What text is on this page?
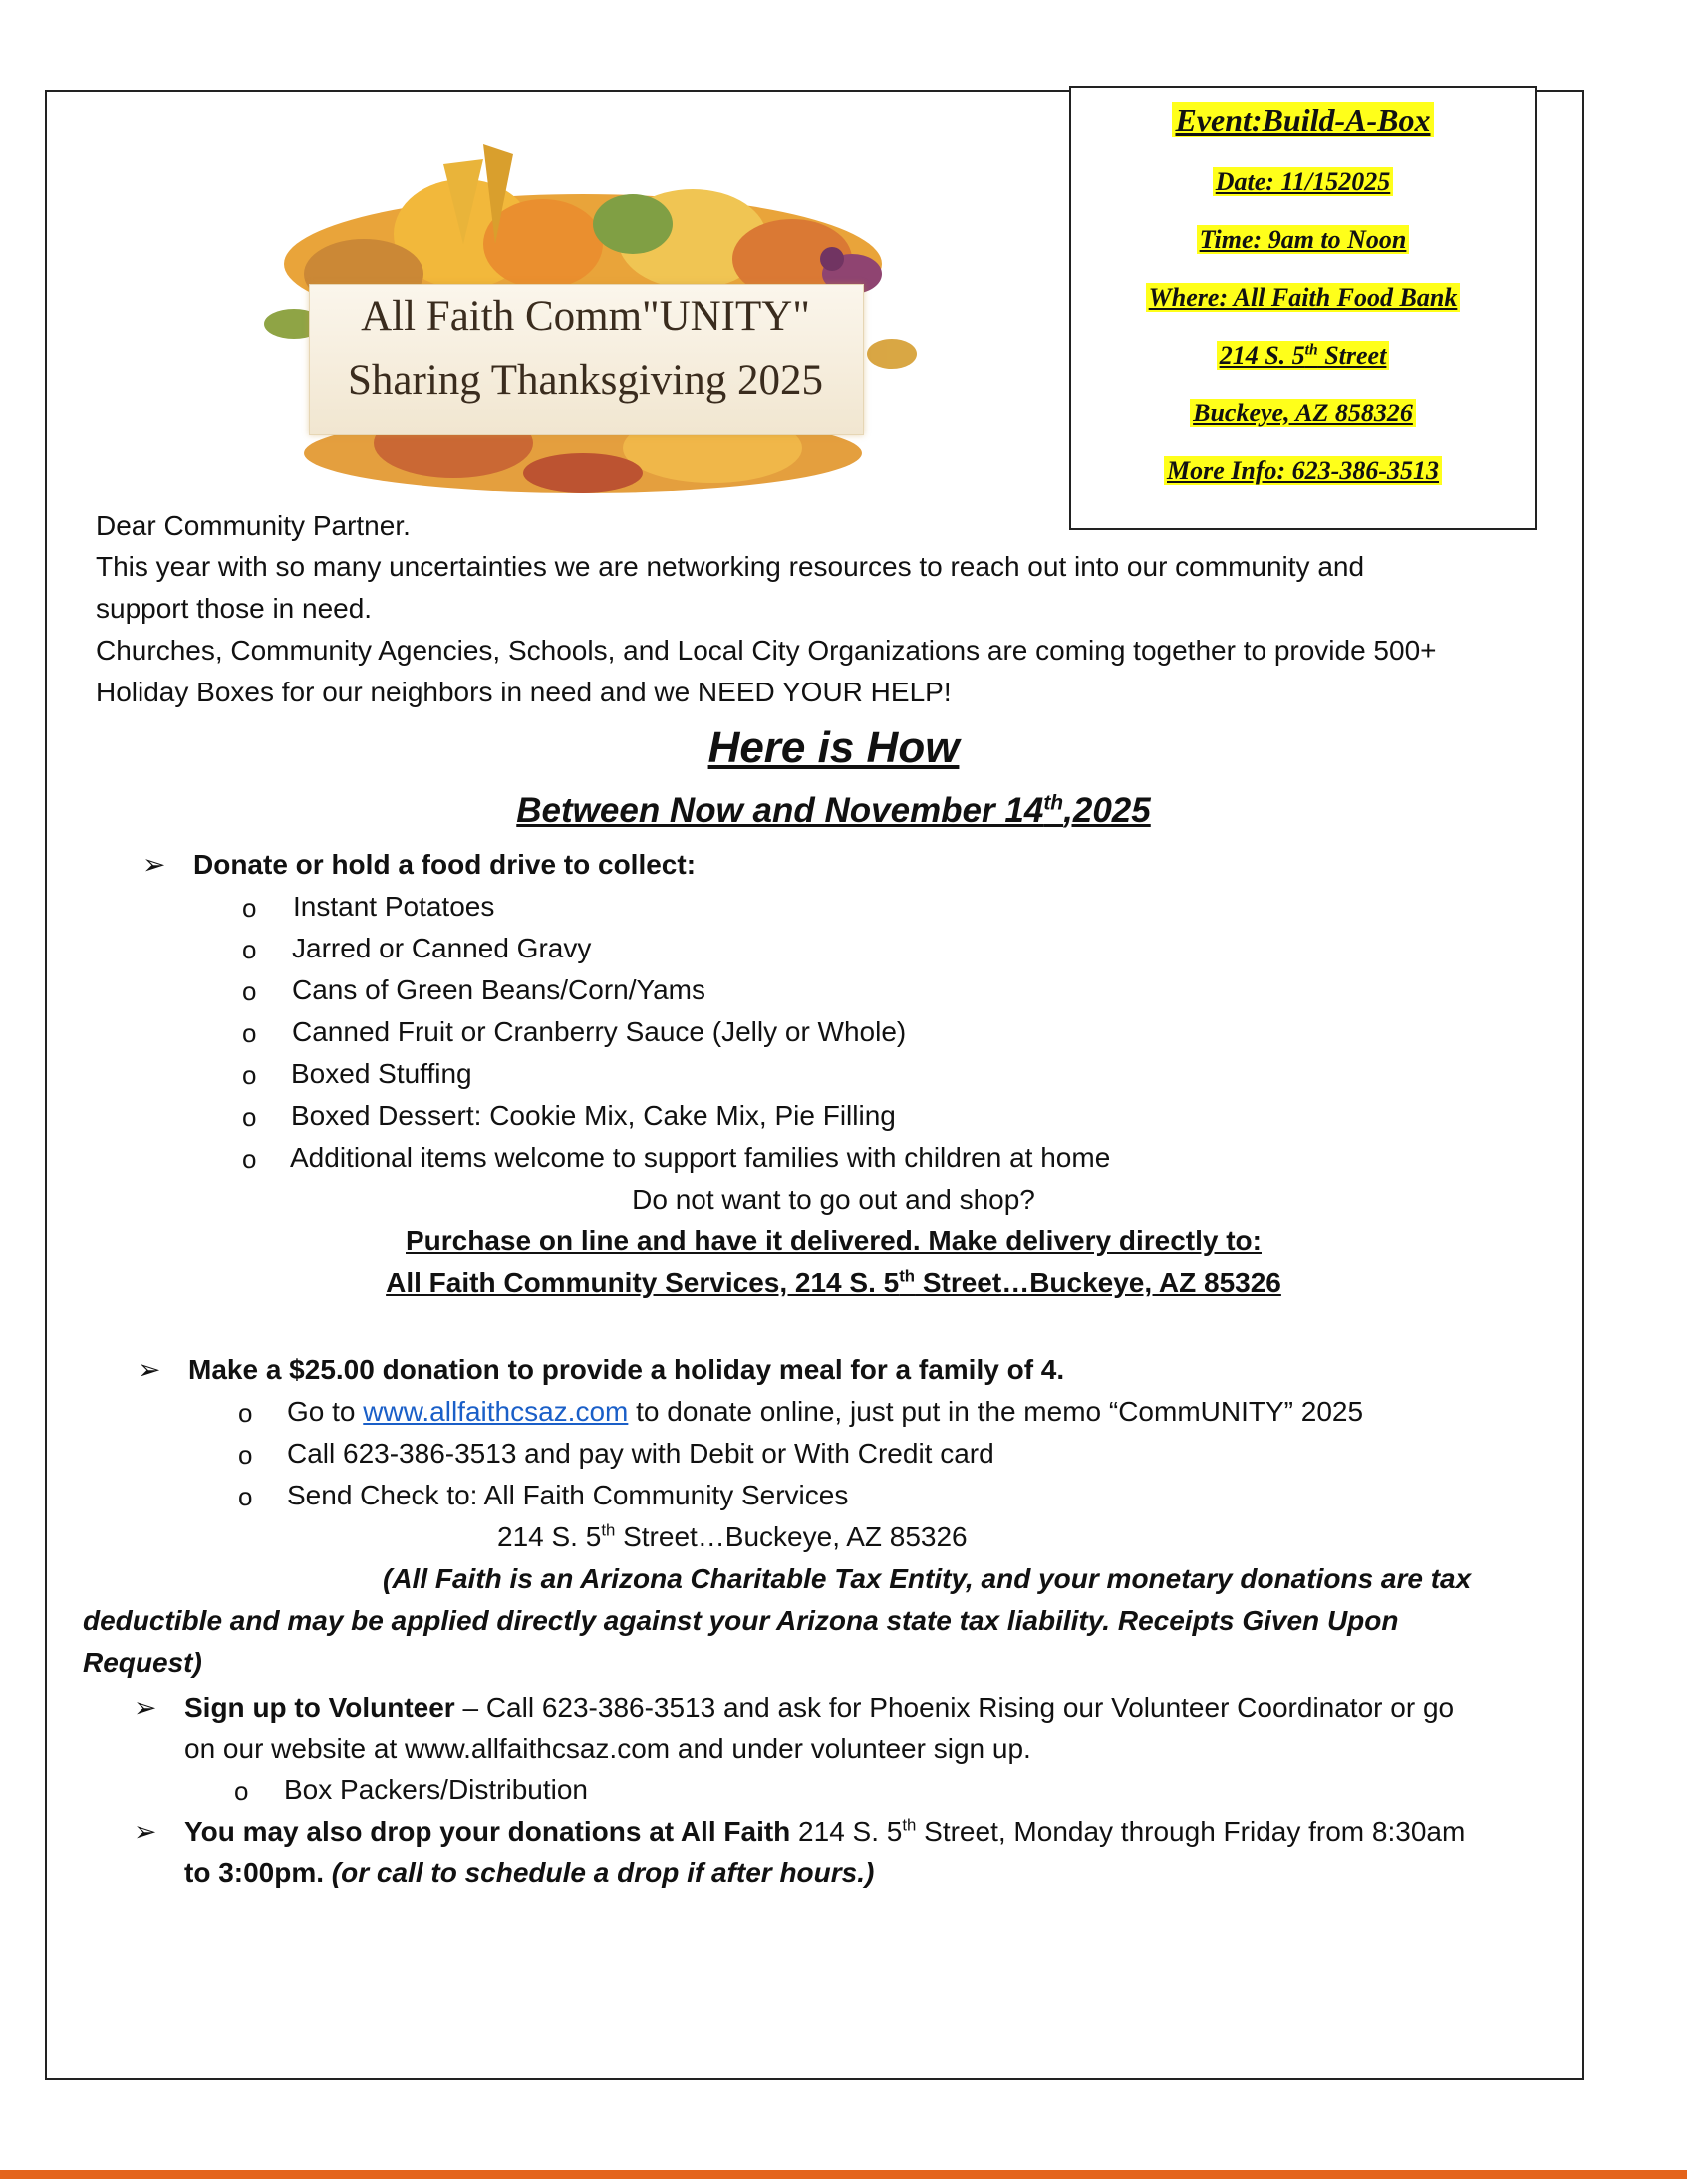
All Faith Comm"UNITY"
Sharing Thanksgiving 2025
Event:Build-A-Box
Date: 11/152025
Time: 9am to Noon
Where: All Faith Food Bank
214 S. 5th Street
Buckeye, AZ 858326
More Info: 623-386-3513
Dear Community Partner.
This year with so many uncertainties we are networking resources to reach out into our community and
support those in need.
Churches, Community Agencies, Schools, and Local City Organizations are coming together to provide 500+
Holiday Boxes for our neighbors in need and we NEED YOUR HELP!
Here is How
Between Now and November 14th,2025
➢ Donate or hold a food drive to collect:
o Instant Potatoes
o Jarred or Canned Gravy
o Cans of Green Beans/Corn/Yams
o Canned Fruit or Cranberry Sauce (Jelly or Whole)
o Boxed Stuffing
o Boxed Dessert: Cookie Mix, Cake Mix, Pie Filling
o Additional items welcome to support families with children at home
Do not want to go out and shop?
Purchase on line and have it delivered. Make delivery directly to:
All Faith Community Services, 214 S. 5th Street…Buckeye, AZ 85326
➢ Make a $25.00 donation to provide a holiday meal for a family of 4.
o Go to www.allfaithcsaz.com to donate online, just put in the memo “CommUNITY” 2025
o Call 623-386-3513 and pay with Debit or With Credit card
o Send Check to: All Faith Community Services
214 S. 5th Street…Buckeye, AZ 85326
(All Faith is an Arizona Charitable Tax Entity, and your monetary donations are tax
deductible and may be applied directly against your Arizona state tax liability. Receipts Given Upon
Request)
➢ Sign up to Volunteer – Call 623-386-3513 and ask for Phoenix Rising our Volunteer Coordinator or go
on our website at www.allfaithcsaz.com and under volunteer sign up.
o Box Packers/Distribution
➢ You may also drop your donations at All Faith 214 S. 5th Street, Monday through Friday from 8:30am
to 3:00pm. (or call to schedule a drop if after hours.)
